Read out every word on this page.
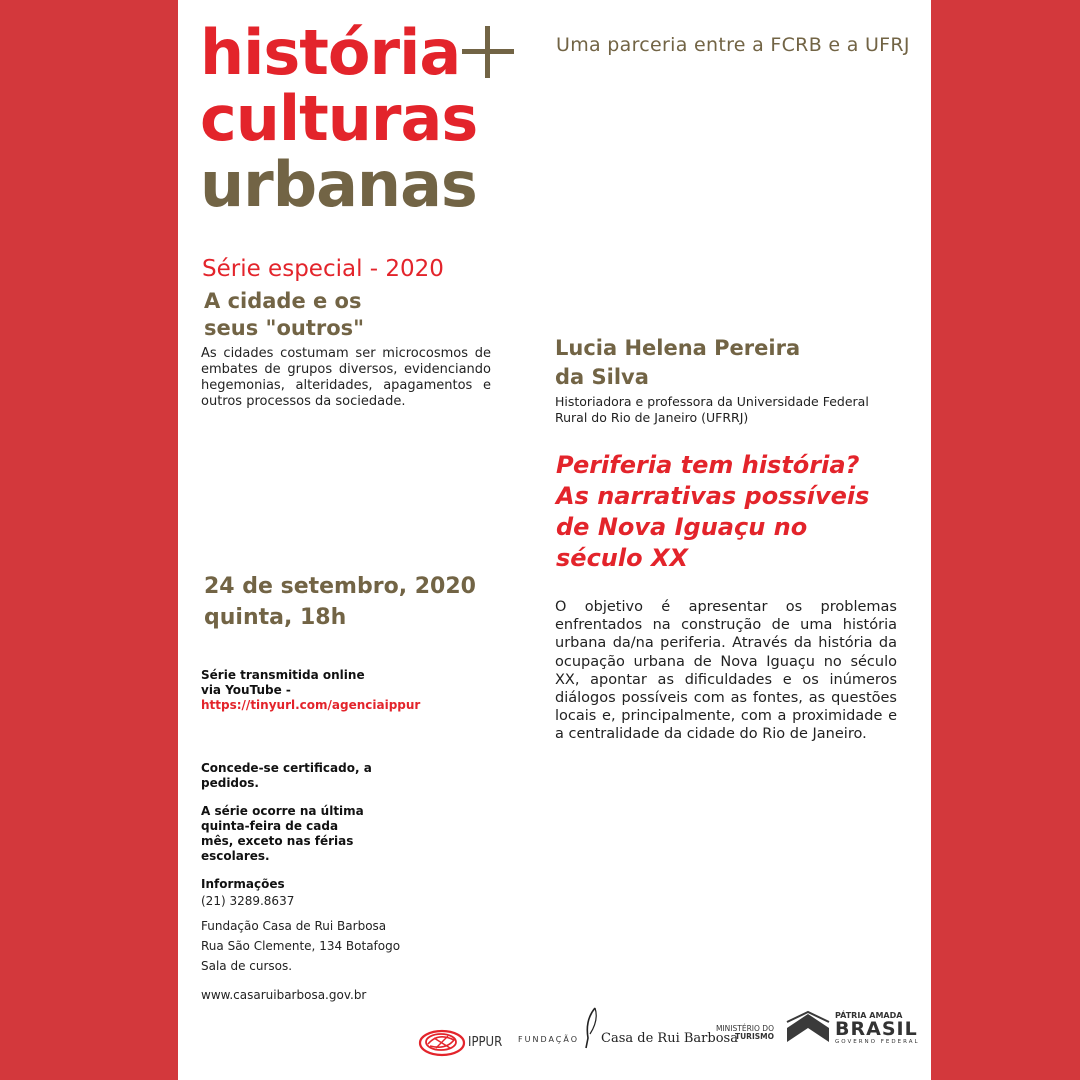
história
culturas
urbanas
Uma parceria entre a FCRB e a UFRJ
Série especial - 2020
A cidade e os
seus "outros"
As cidades costumam ser microcosmos de embates de grupos diversos, evidenciando hegemonias, alteridades, apagamentos e outros processos da sociedade.
24 de setembro, 2020
quinta, 18h
Série transmitida online
via YouTube -
https://tinyurl.com/agenciaippur
Concede-se certificado, a
pedidos.
A série ocorre na última
quinta-feira de cada
mês, exceto nas férias
escolares.
Informações
(21) 3289.8637
Fundação Casa de Rui Barbosa
Rua São Clemente, 134 Botafogo
Sala de cursos.
www.casaruibarbosa.gov.br
Lucia Helena Pereira
da Silva
Historiadora e professora da Universidade Federal
Rural do Rio de Janeiro (UFRRJ)
Periferia tem história?
As narrativas possíveis
de Nova Iguaçu no
século XX
O objetivo é apresentar os problemas enfrentados na construção de uma história urbana da/na periferia. Através da história da ocupação urbana de Nova Iguaçu no século XX, apontar as dificuldades e os inúmeros diálogos possíveis com as fontes, as questões locais e, principalmente, com a proximidade e a centralidade da cidade do Rio de Janeiro.
IPPUR FUNDAÇÃO Casa de Rui Barbosa
MINISTÉRIO DO
TURISMO
PÁTRIA AMADA
BRASIL
GOVERNO FEDERAL
